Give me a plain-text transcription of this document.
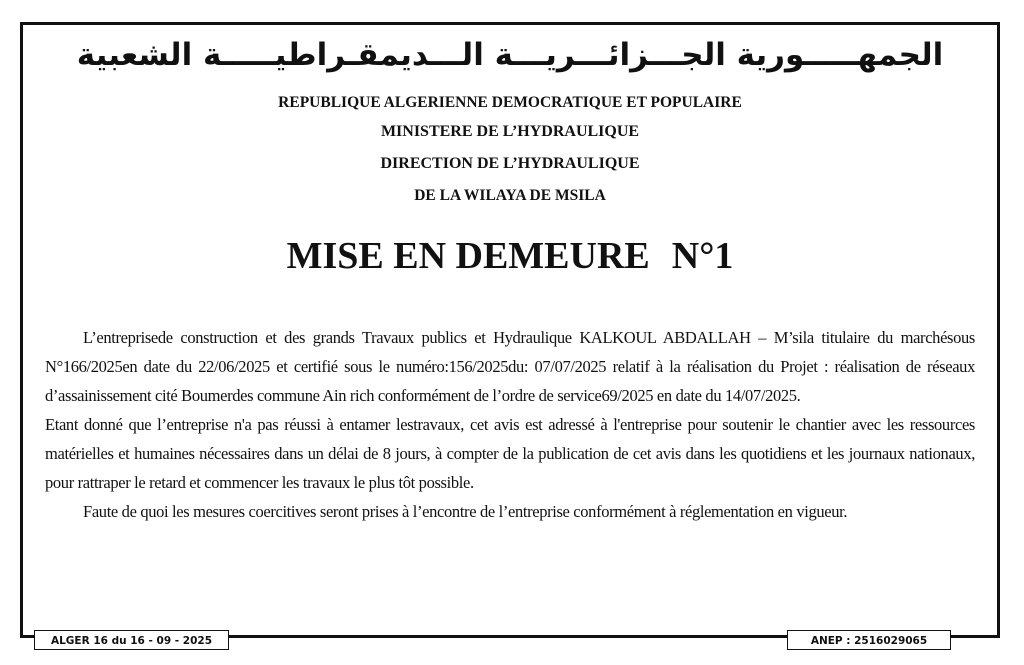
الجمهـــــورية الجـــزائـــريـــة الـــديمقـراطيـــــة الشعبية
REPUBLIQUE ALGERIENNE DEMOCRATIQUE ET POPULAIRE
MINISTERE DE L’HYDRAULIQUE
DIRECTION DE L’HYDRAULIQUE
DE LA WILAYA DE MSILA
MISE EN DEMEURE N°1

L’entreprisede construction et des grands Travaux publics et Hydraulique KALKOUL ABDALLAH – M’sila titulaire du marchésous N°166/2025en date du 22/06/2025 et certifié sous le numéro:156/2025du: 07/07/2025 relatif à la réalisation du Projet : réalisation de réseaux d’assainissement cité Boumerdes commune Ain rich conformément de l’ordre de service69/2025 en date du 14/07/2025.

Etant donné que l’entreprise n'a pas réussi à entamer lestravaux, cet avis est adressé à l'entreprise pour soutenir le chantier avec les ressources matérielles et humaines nécessaires dans un délai de 8 jours, à compter de la publication de cet avis dans les quotidiens et les journaux nationaux, pour rattraper le retard et commencer les travaux le plus tôt possible.

Faute de quoi les mesures coercitives seront prises à l’encontre de l’entreprise conformément à réglementation en vigueur.

ALGER 16 du 16 - 09 - 2025	ANEP : 2516029065
